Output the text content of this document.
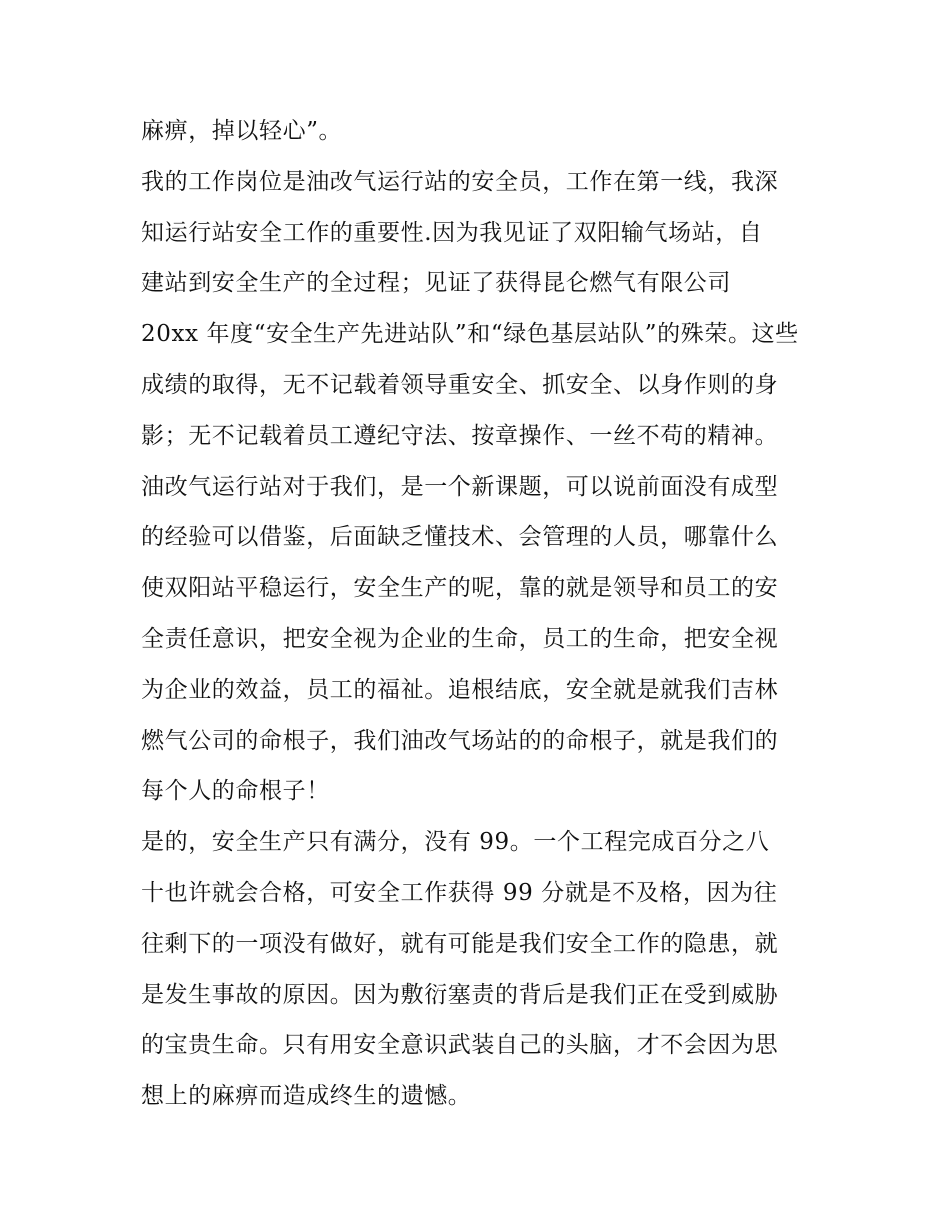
麻痹，掉以轻心”。
我的工作岗位是油改气运行站的安全员，工作在第一线，我深
知运行站安全工作的重要性.因为我见证了双阳输气场站，自
建站到安全生产的全过程；见证了获得昆仑燃气有限公司
20xx 年度“安全生产先进站队”和“绿色基层站队”的殊荣。这些
成绩的取得，无不记载着领导重安全、抓安全、以身作则的身
影；无不记载着员工遵纪守法、按章操作、一丝不苟的精神。
油改气运行站对于我们，是一个新课题，可以说前面没有成型
的经验可以借鉴，后面缺乏懂技术、会管理的人员，哪靠什么
使双阳站平稳运行，安全生产的呢，靠的就是领导和员工的安
全责任意识，把安全视为企业的生命，员工的生命，把安全视
为企业的效益，员工的福祉。追根结底，安全就是就我们吉林
燃气公司的命根子，我们油改气场站的的命根子，就是我们的
每个人的命根子！
是的，安全生产只有满分，没有 99。一个工程完成百分之八
十也许就会合格，可安全工作获得 99 分就是不及格，因为往
往剩下的一项没有做好，就有可能是我们安全工作的隐患，就
是发生事故的原因。因为敷衍塞责的背后是我们正在受到威胁
的宝贵生命。只有用安全意识武装自己的头脑，才不会因为思
想上的麻痹而造成终生的遗憾。
